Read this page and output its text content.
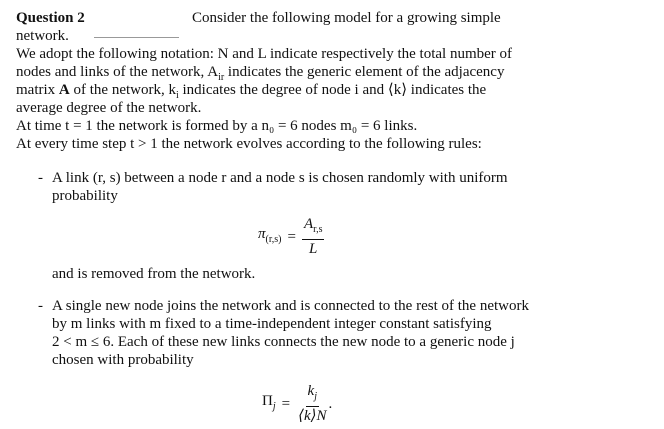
Question 2	Consider the following model for a growing simple
network.
We adopt the following notation: N and L indicate respectively the total number of
nodes and links of the network, $A_{ir}$ indicates the generic element of the adjacency
matrix A of the network, $k_i$ indicates the degree of node i and ⟨k⟩ indicates the
average degree of the network.
At time t = 1 the network is formed by a n₀ = 6 nodes m₀ = 6 links.
At every time step t > 1 the network evolves according to the following rules:
- A link (r, s) between a node r and a node s is chosen randomly with uniform
probability
$\pi_{(r,s)} = \frac{A_{r,s}}{L}$
and is removed from the network.
- A single new node joins the network and is connected to the rest of the network
by m links with m fixed to a time-independent integer constant satisfying
2 < m ≤ 6. Each of these new links connects the new node to a generic node j
chosen with probability
$\Pi_j = \frac{k_j}{⟨k⟩N}$ .
